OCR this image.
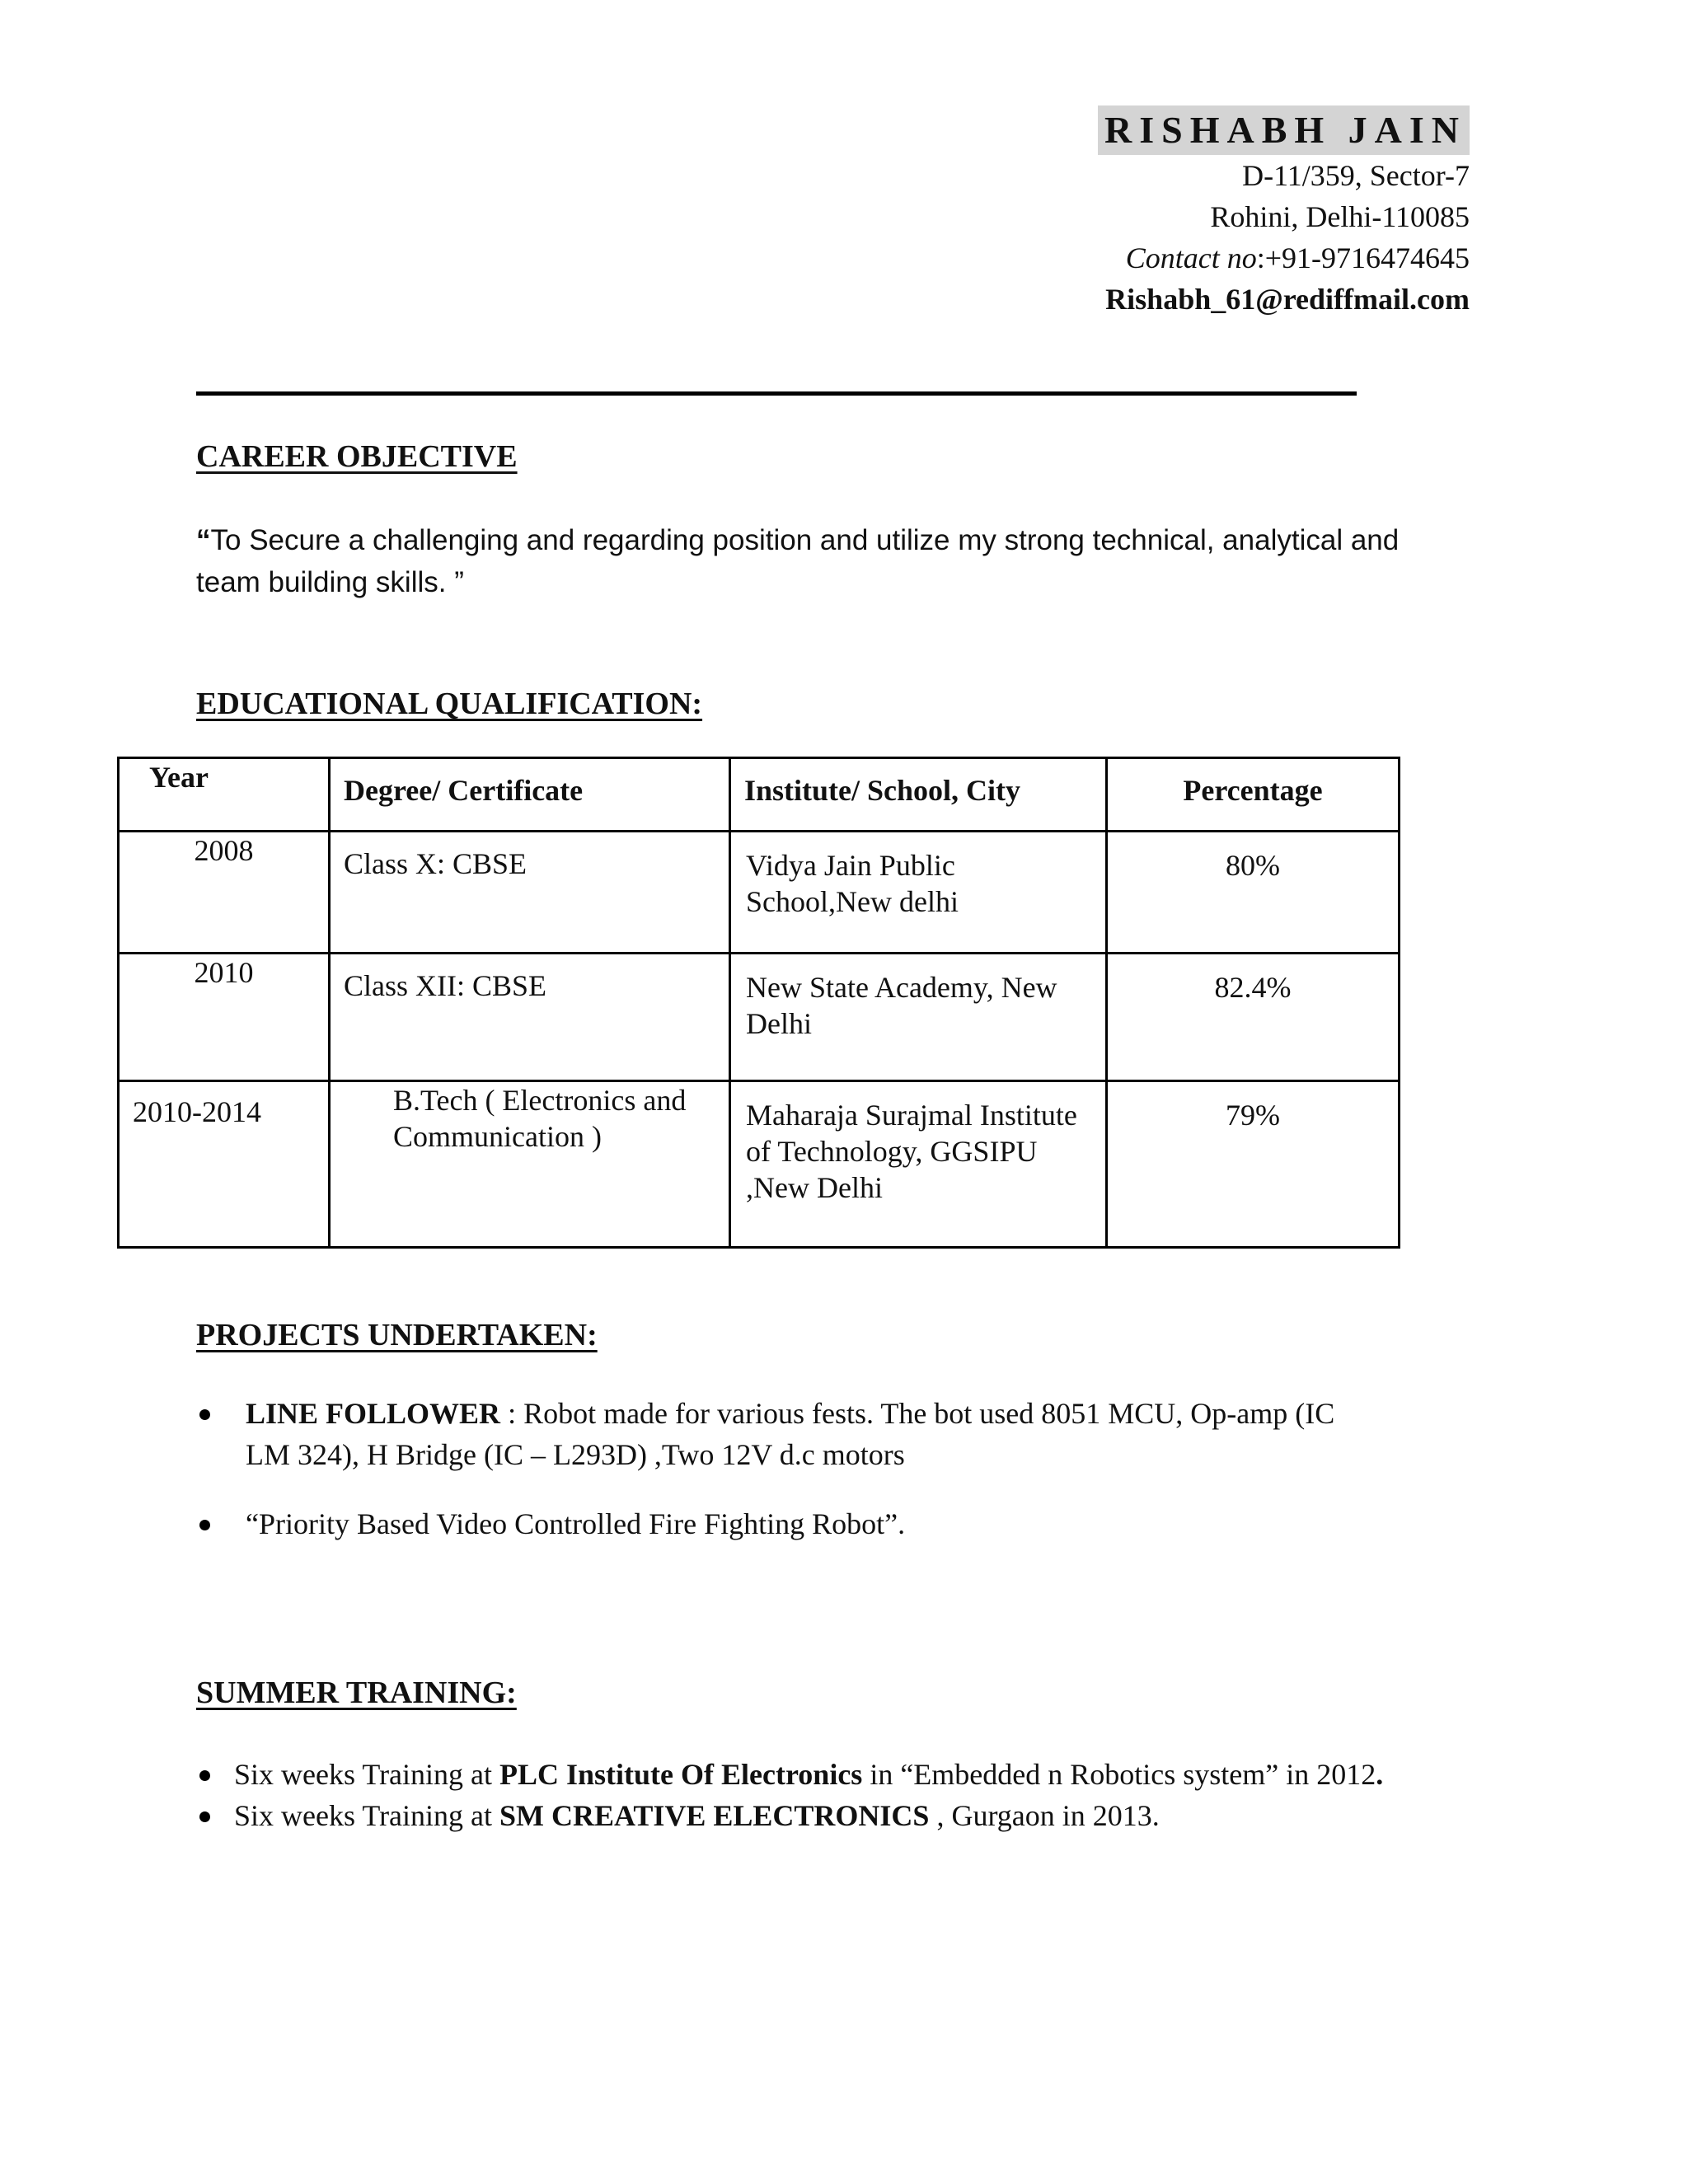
RISHABH JAIN
D-11/359, Sector-7
Rohini, Delhi-110085
Contact no:+91-9716474645
Rishabh_61@rediffmail.com
CAREER OBJECTIVE
“To Secure a challenging and regarding position and utilize my strong technical, analytical and team building skills. ”
EDUCATIONAL QUALIFICATION:
Year	Degree/ Certificate	Institute/ School, City	Percentage
2008	Class X: CBSE	Vidya Jain Public School,New delhi	80%
2010	Class XII: CBSE	New State Academy, New Delhi	82.4%
2010-2014	B.Tech ( Electronics and Communication )	Maharaja Surajmal Institute of Technology, GGSIPU ,New Delhi	79%
PROJECTS UNDERTAKEN:
LINE FOLLOWER : Robot made for various fests. The bot used 8051 MCU, Op-amp (IC LM 324), H Bridge (IC – L293D) ,Two 12V d.c motors
“Priority Based Video Controlled Fire Fighting Robot”.
SUMMER TRAINING:
Six weeks Training at PLC Institute Of Electronics in “Embedded n Robotics system” in 2012.
Six weeks Training at SM CREATIVE ELECTRONICS , Gurgaon in 2013.
